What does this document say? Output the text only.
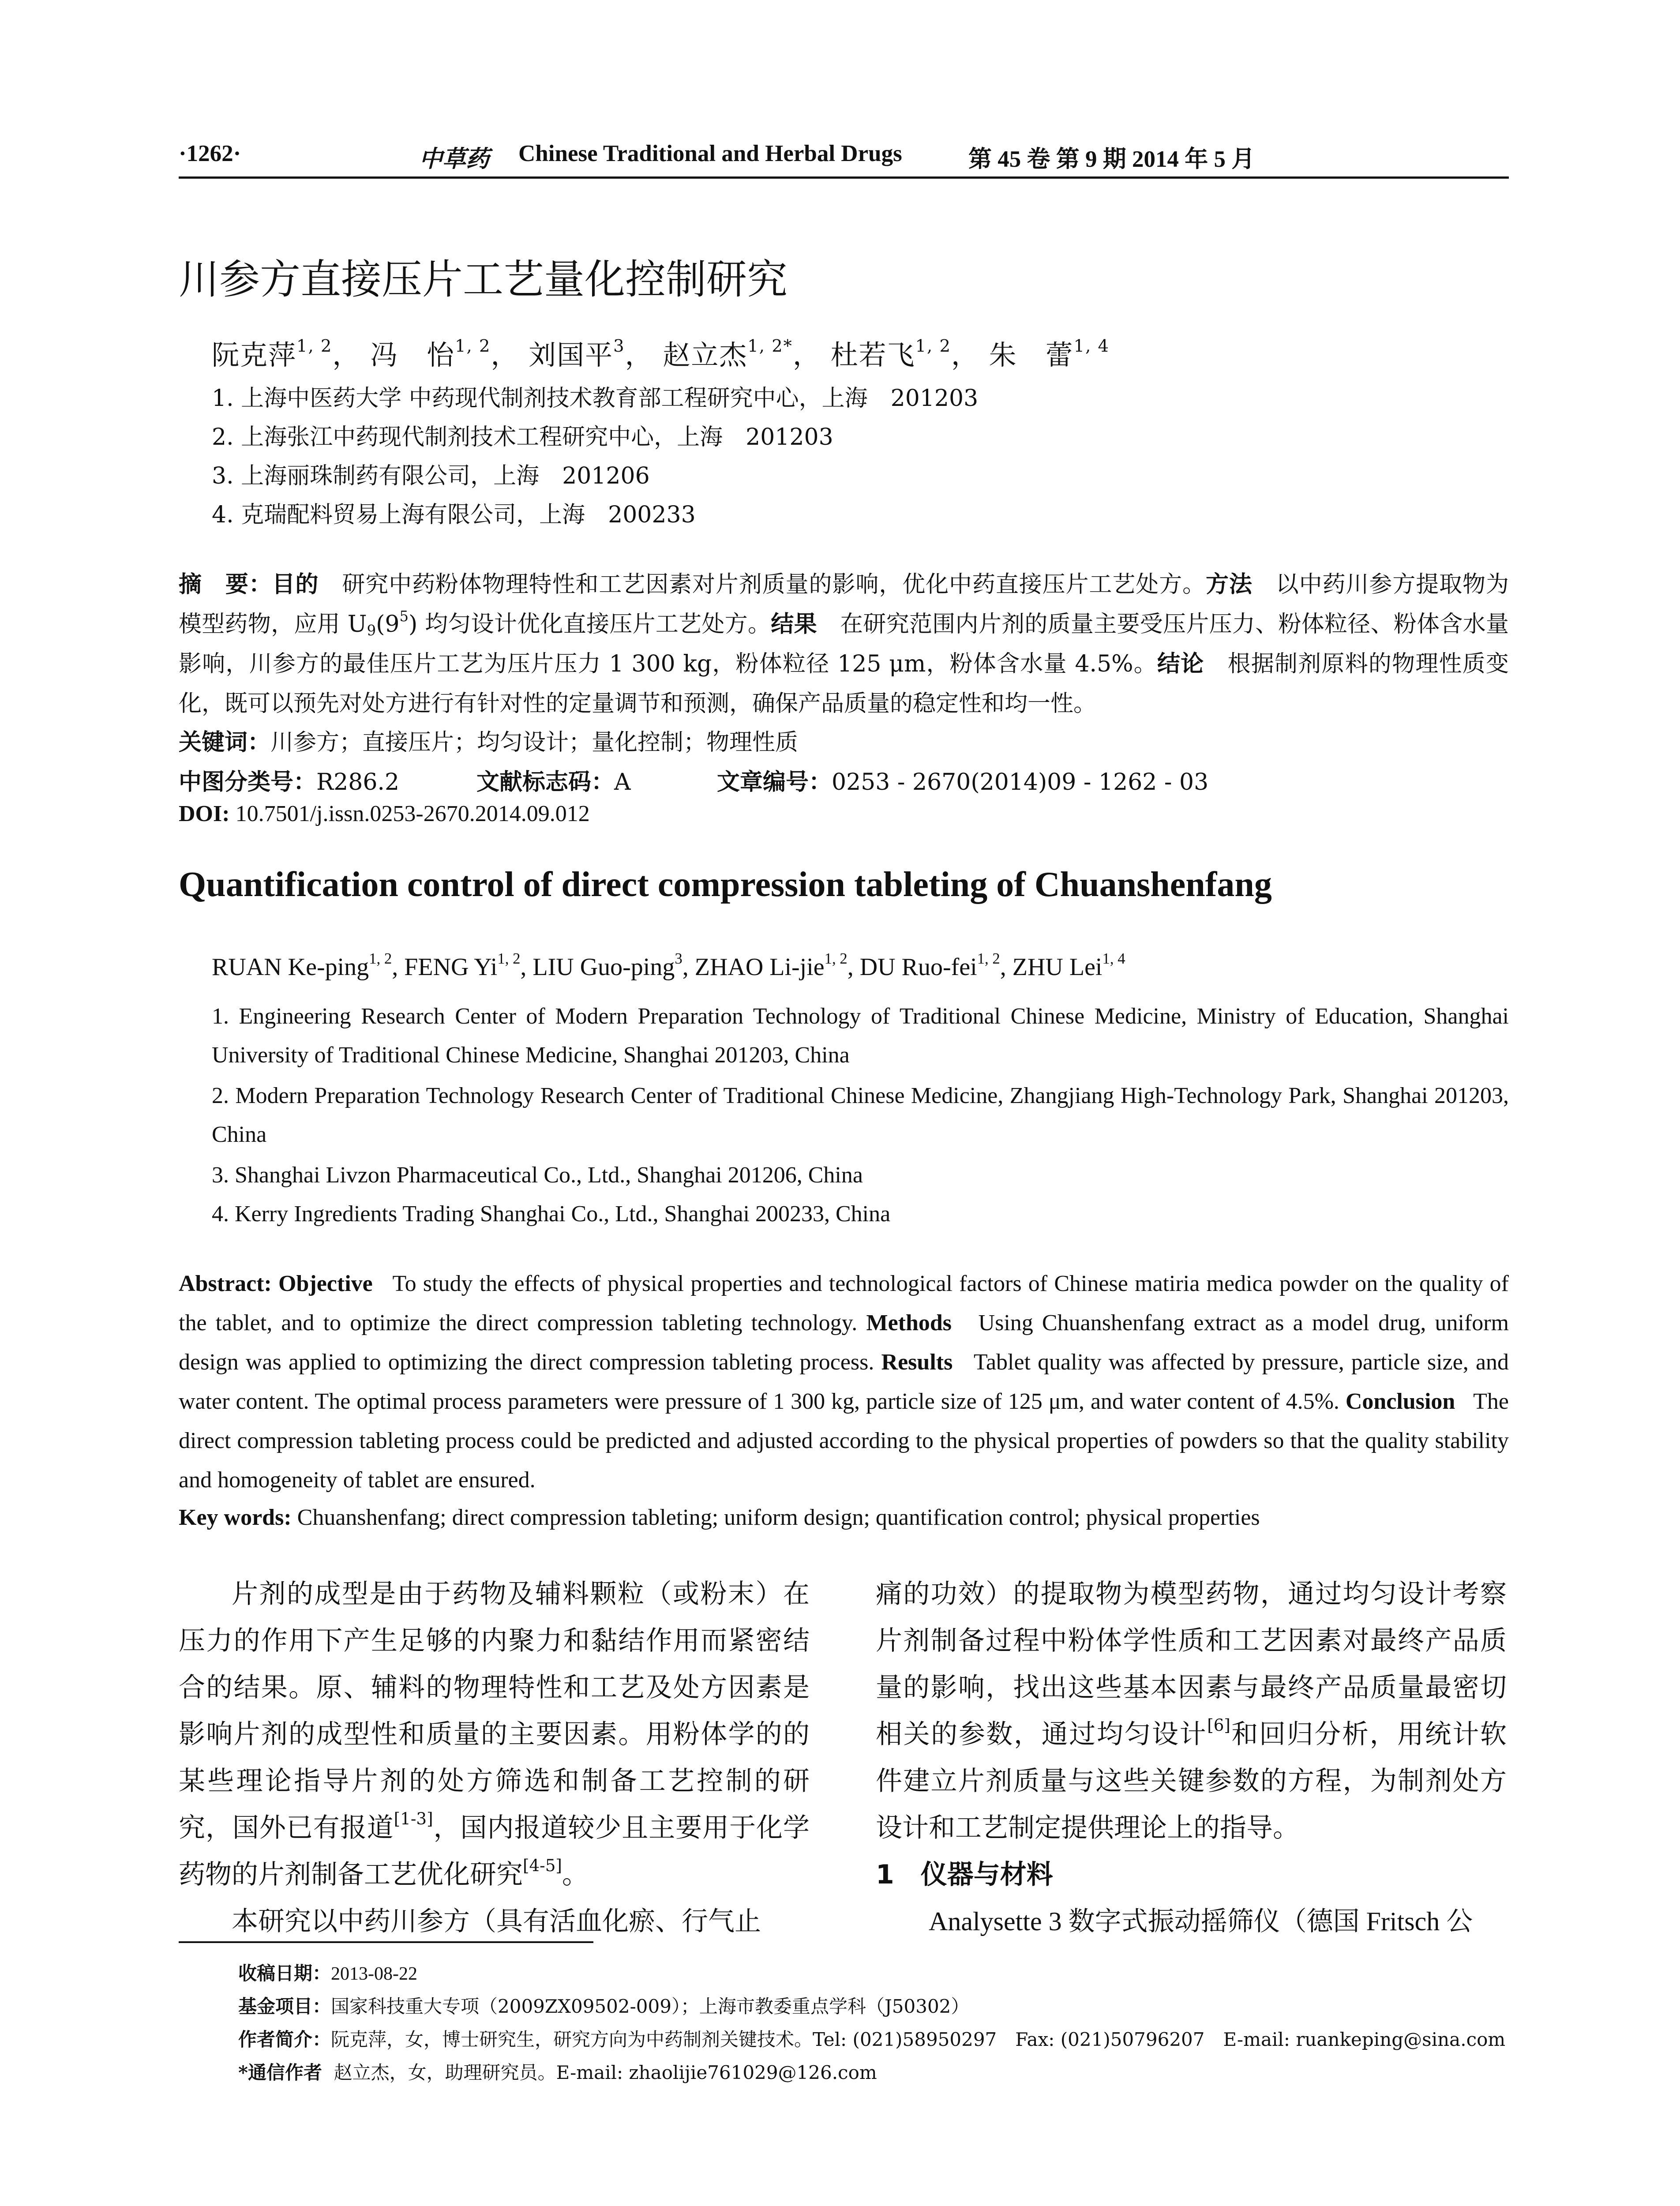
·1262·	中草药 Chinese Traditional and Herbal Drugs	第 45 卷 第 9 期 2014 年 5 月
川参方直接压片工艺量化控制研究
阮克萍$^{1, 2}$， 冯　怡$^{1, 2}$， 刘国平$^3$， 赵立杰$^{1, 2*}$， 杜若飞$^{1, 2}$， 朱　蕾$^{1, 4}$
1. 上海中医药大学 中药现代制剂技术教育部工程研究中心，上海　201203
2. 上海张江中药现代制剂技术工程研究中心，上海　201203
3. 上海丽珠制药有限公司，上海　201206
4. 克瑞配料贸易上海有限公司，上海　200233
摘　要：目的　 研究中药粉体物理特性和工艺因素对片剂质量的影响，优化中药直接压片工艺处方。方法　 以中药川参方提取物为模型药物，应用 $U_9(9^5)$ 均匀设计优化直接压片工艺处方。结果　 在研究范围内片剂的质量主要受压片压力、粉体粒径、粉体含水量影响，川参方的最佳压片工艺为压片压力 1 300 kg，粉体粒径 125 μm，粉体含水量 4.5%。结论　 根据制剂原料的物理性质变化，既可以预先对处方进行有针对性的定量调节和预测，确保产品质量的稳定性和均一性。
关键词：川参方；直接压片；均匀设计；量化控制；物理性质
中图分类号：R286.2	文献标志码：A	文章编号：0253 - 2670(2014)09 - 1262 - 03
DOI: 10.7501/j.issn.0253-2670.2014.09.012
Quantification control of direct compression tableting of Chuanshenfang
RUAN Ke-ping$^{1, 2}$, FENG Yi$^{1, 2}$, LIU Guo-ping$^3$, ZHAO Li-jie$^{1, 2}$, DU Ruo-fei$^{1, 2}$, ZHU Lei$^{1, 4}$
1. Engineering Research Center of Modern Preparation Technology of Traditional Chinese Medicine, Ministry of Education, Shanghai University of Traditional Chinese Medicine, Shanghai 201203, China
2. Modern Preparation Technology Research Center of Traditional Chinese Medicine, Zhangjiang High-Technology Park, Shanghai 201203, China
3. Shanghai Livzon Pharmaceutical Co., Ltd., Shanghai 201206, China
4. Kerry Ingredients Trading Shanghai Co., Ltd., Shanghai 200233, China
Abstract: Objective To study the effects of physical properties and technological factors of Chinese matiria medica powder on the quality of the tablet, and to optimize the direct compression tableting technology. Methods Using Chuanshenfang extract as a model drug, uniform design was applied to optimizing the direct compression tableting process. Results Tablet quality was affected by pressure, particle size, and water content. The optimal process parameters were pressure of 1 300 kg, particle size of 125 μm, and water content of 4.5%. Conclusion The direct compression tableting process could be predicted and adjusted according to the physical properties of powders so that the quality stability and homogeneity of tablet are ensured.
Key words: Chuanshenfang; direct compression tableting; uniform design; quantification control; physical properties
片剂的成型是由于药物及辅料颗粒（或粉末）在压力的作用下产生足够的内聚力和黏结作用而紧密结合的结果。原、辅料的物理特性和工艺及处方因素是影响片剂的成型性和质量的主要因素。用粉体学的的某些理论指导片剂的处方筛选和制备工艺控制的研究，国外已有报道[1-3]，国内报道较少且主要用于化学药物的片剂制备工艺优化研究[4-5]。
本研究以中药川参方（具有活血化瘀、行气止
痛的功效）的提取物为模型药物，通过均匀设计考察片剂制备过程中粉体学性质和工艺因素对最终产品质量的影响，找出这些基本因素与最终产品质量最密切相关的参数，通过均匀设计[6]和回归分析，用统计软件建立片剂质量与这些关键参数的方程，为制剂处方设计和工艺制定提供理论上的指导。
1　仪器与材料
Analysette 3 数字式振动摇筛仪（德国 Fritsch 公
收稿日期：2013-08-22
基金项目：国家科技重大专项（2009ZX09502-009）；上海市教委重点学科（J50302）
作者简介：阮克萍，女，博士研究生，研究方向为中药制剂关键技术。Tel: (021)58950297　Fax: (021)50796207　E-mail: ruankeping@sina.com
*通信作者 赵立杰，女，助理研究员。E-mail: zhaolijie761029@126.com
